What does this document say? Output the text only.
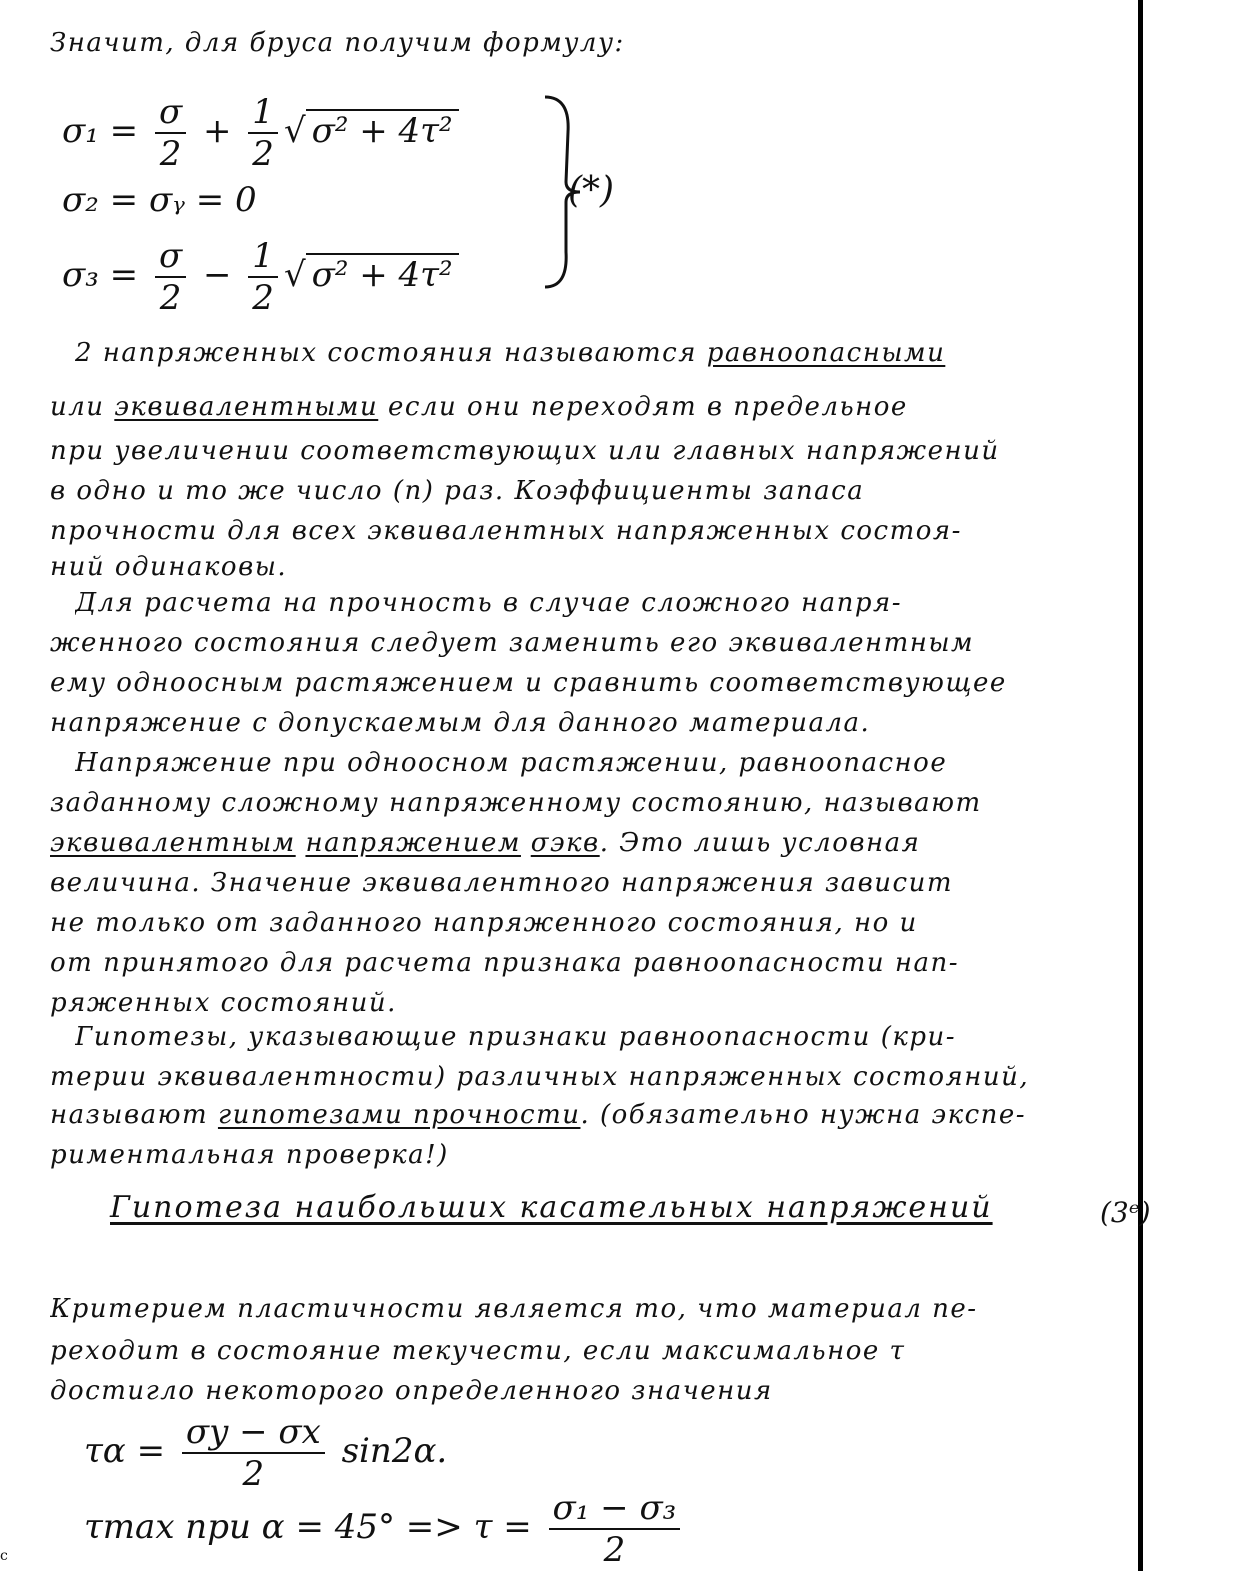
Значит, для бруса получим формулу:
$\sigma_1 = \frac{\sigma}{2} + \frac{1}{2}$ √ σ² + 4τ²
σ₂ = σᵧ = 0
$\sigma_3 = \frac{\sigma}{2} - \frac{1}{2}$ √ σ² + 4τ²
(*)
2 напряженных состояния называются равноопасными
или эквивалентными если они переходят в предельное
при увеличении соответствующих или главных напряжений
в одно и то же число (n) раз. Коэффициенты запаса
прочности для всех эквивалентных напряженных состоя-
ний одинаковы.
Для расчета на прочность в случае сложного напря-
женного состояния следует заменить его эквивалентным
ему одноосным растяжением и сравнить соответствующее
напряжение с допускаемым для данного материала.
Напряжение при одноосном растяжении, равноопасное
заданному сложному напряженному состоянию, называют
эквивалентным напряжением σэкв. Это лишь условная
величина. Значение эквивалентного напряжения зависит
не только от заданного напряженного состояния, но и
от принятого для расчета признака равноопасности нап-
ряженных состояний.
Гипотезы, указывающие признаки равноопасности (кри-
терии эквивалентности) различных напряженных состояний,
называют гипотезами прочности. (обязательно нужна экспе-
риментальная проверка!)
Гипотеза наибольших касательных напряжений	(3ᵉ)
Критерием пластичности является то, что материал пе-
реходит в состояние текучести, если максимальное τ
достигло некоторого определенного значения
$\tau\alpha = \frac{\sigma y - \sigma x}{2} \sin 2\alpha$.
τmax при $\alpha = 45^\circ => \tau = \frac{\text{σ₁ − σ₃}}{2}$
c
